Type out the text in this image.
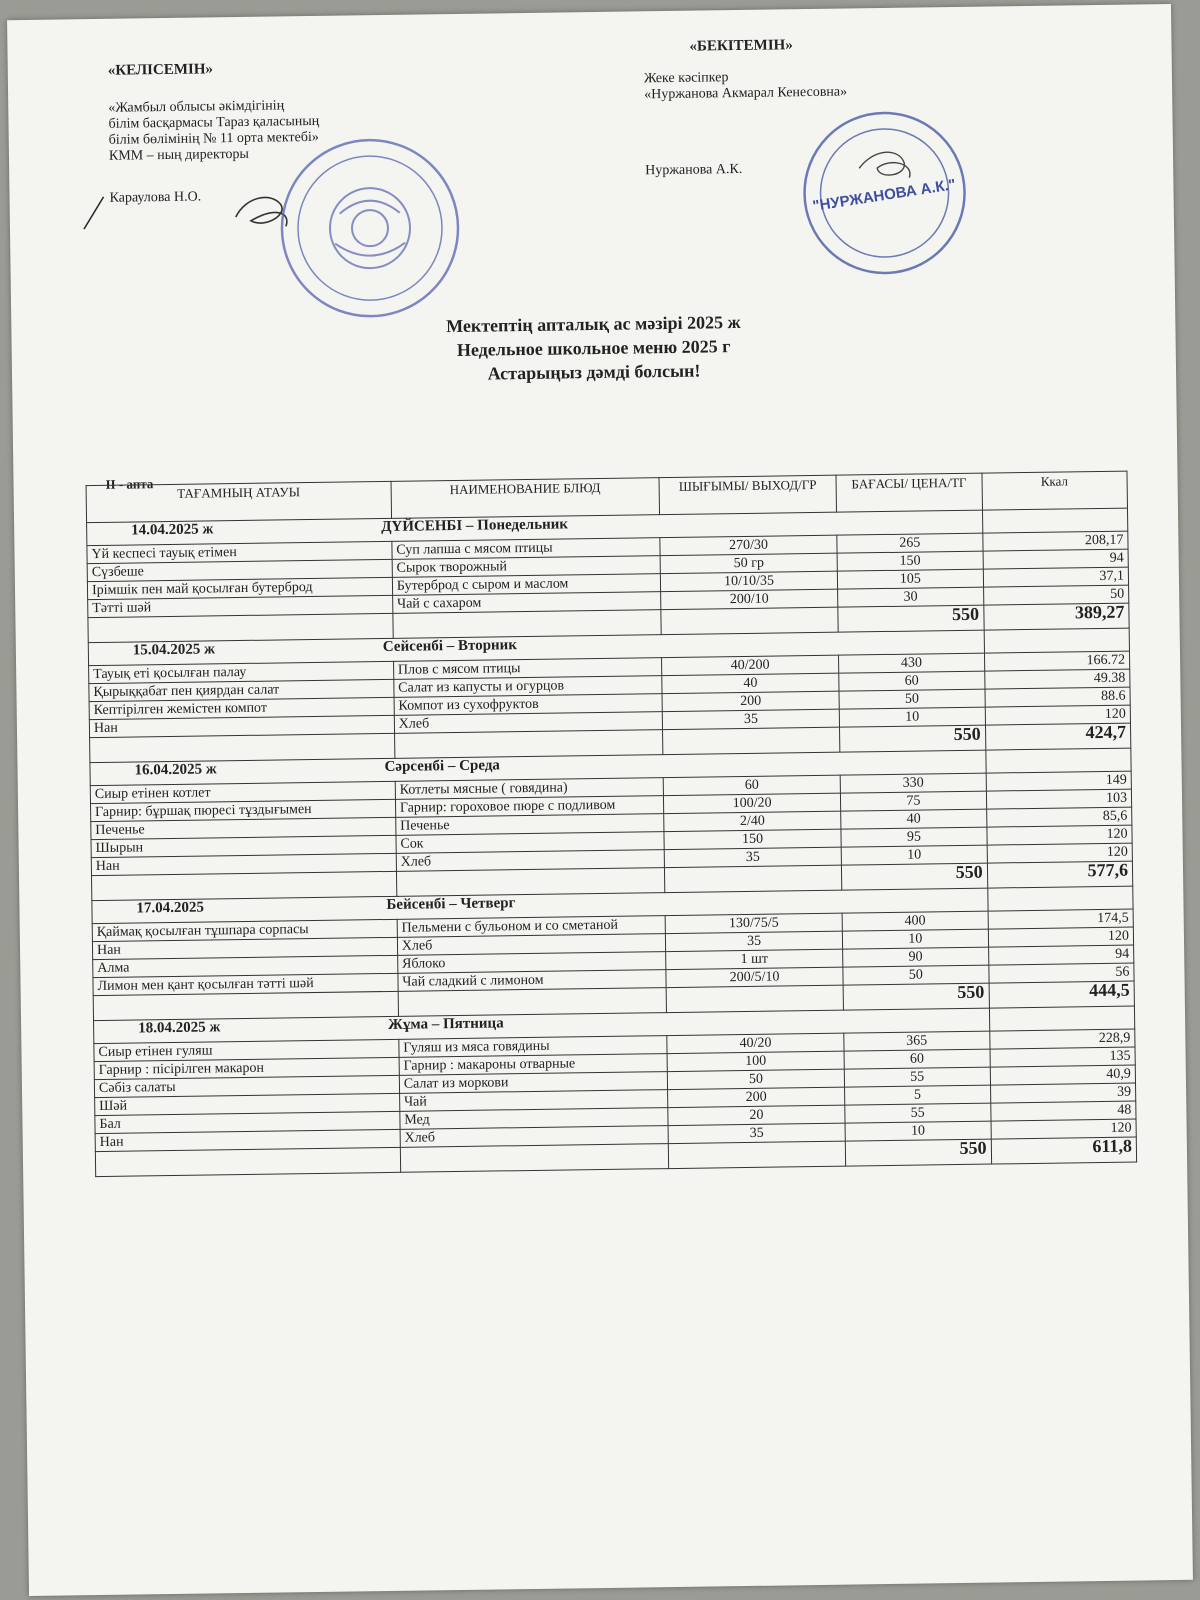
«КЕЛІСЕМІН»
«Жамбыл облысы әкімдігінің
білім басқармасы Тараз қаласының
білім бөлімінің № 11 орта мектебі»
КММ – ның директоры
Караулова Н.О.
«БЕКІТЕМІН»
Жеке кәсіпкер
«Нуржанова Акмарал Кенесовна»
Нуржанова А.К.
"НУРЖАНОВА А.К."
Мектептің апталық ас мәзірі 2025 ж
Недельное школьное меню 2025 г
Астарыңыз дәмді болсын!
II - апта
ТАҒАМНЫҢ АТАУЫ	НАИМЕНОВАНИЕ БЛЮД	ШЫҒЫМЫ/ ВЫХОД/ГР	БАҒАСЫ/ ЦЕНА/ТГ	Ккал
14.04.2025 ж ДҮЙСЕНБІ – Понедельник				
Үй кеспесі тауық етімен	Суп лапша с мясом птицы	270/30	265	208,17
Сүзбеше	Сырок творожный	50 гр	150	94
Ірімшік пен май қосылған бутерброд	Бутерброд с сыром и маслом	10/10/35	105	37,1
Тәтті шәй	Чай с сахаром	200/10	30	50
			550	389,27
15.04.2025 ж Сейсенбі – Вторник				
Тауық еті қосылған палау	Плов с мясом птицы	40/200	430	166.72
Қырыққабат пен қиярдан салат	Салат из капусты и огурцов	40	60	49.38
Кептірілген жемістен компот	Компот из сухофруктов	200	50	88.6
Нан	Хлеб	35	10	120
			550	424,7
16.04.2025 ж Сәрсенбі – Среда				
Сиыр етінен котлет	Котлеты мясные ( говядина)	60	330	149
Гарнир: бұршақ пюресі тұздығымен	Гарнир: гороховое пюре с подливом	100/20	75	103
Печенье	Печенье	2/40	40	85,6
Шырын	Сок	150	95	120
Нан	Хлеб	35	10	120
			550	577,6
17.04.2025 Бейсенбі – Четверг				
Қаймақ қосылған тұшпара сорпасы	Пельмени с бульоном и со сметаной	130/75/5	400	174,5
Нан	Хлеб	35	10	120
Алма	Яблоко	1 шт	90	94
Лимон мен қант қосылған тәтті шәй	Чай сладкий с лимоном	200/5/10	50	56
			550	444,5
18.04.2025 ж Жұма – Пятница				
Сиыр етінен гуляш	Гуляш из мяса говядины	40/20	365	228,9
Гарнир : пісірілген макарон	Гарнир : макароны отварные	100	60	135
Сәбіз салаты	Салат из моркови	50	55	40,9
Шәй	Чай	200	5	39
Бал	Мед	20	55	48
Нан	Хлеб	35	10	120
			550	611,8
